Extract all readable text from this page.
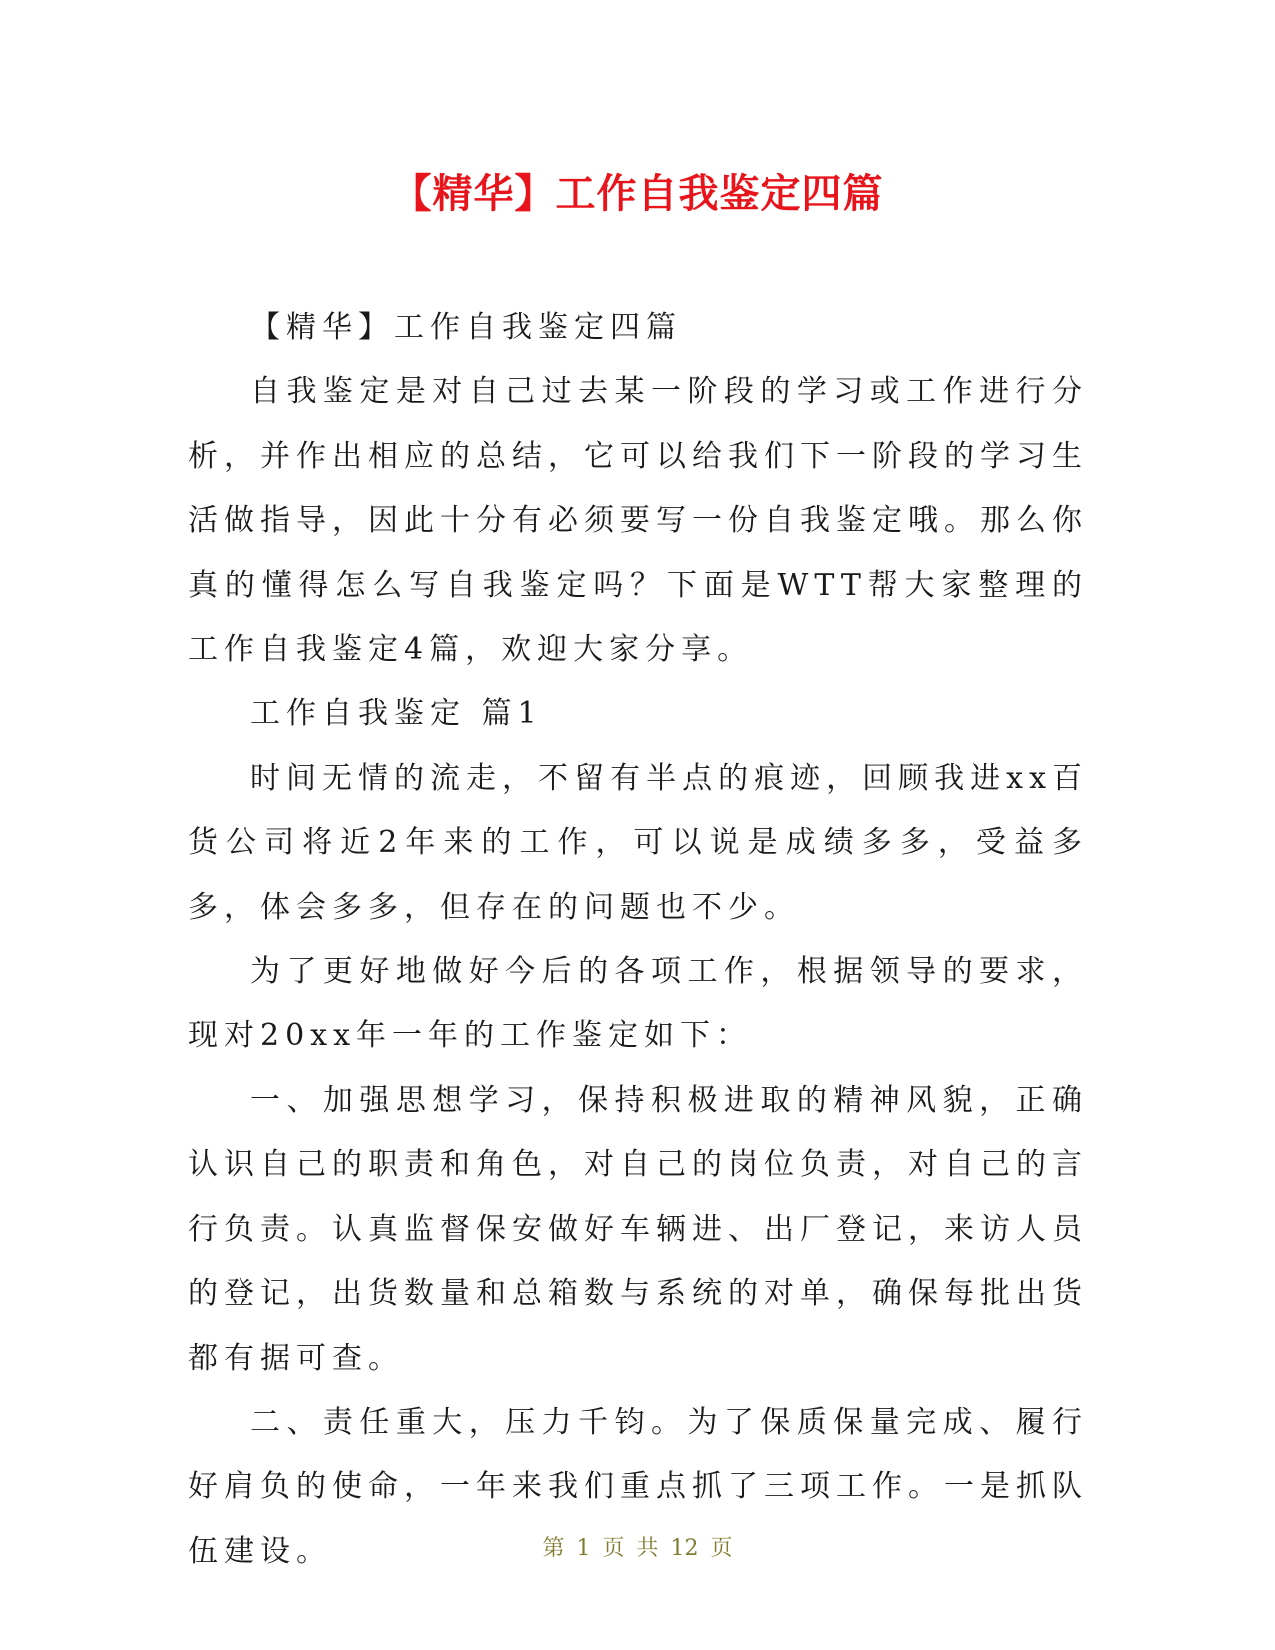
【精华】工作自我鉴定四篇

【精华】工作自我鉴定四篇

自我鉴定是对自己过去某一阶段的学习或工作进行分析，并作出相应的总结，它可以给我们下一阶段的学习生活做指导，因此十分有必须要写一份自我鉴定哦。那么你真的懂得怎么写自我鉴定吗？下面是WTT帮大家整理的工作自我鉴定4篇，欢迎大家分享。

工作自我鉴定 篇1

时间无情的流走，不留有半点的痕迹，回顾我进xx百货公司将近2年来的工作，可以说是成绩多多，受益多多，体会多多，但存在的问题也不少。

为了更好地做好今后的各项工作，根据领导的要求，现对20xx年一年的工作鉴定如下：

一、加强思想学习，保持积极进取的精神风貌，正确认识自己的职责和角色，对自己的岗位负责，对自己的言行负责。认真监督保安做好车辆进、出厂登记，来访人员的登记，出货数量和总箱数与系统的对单，确保每批出货都有据可查。

二、责任重大，压力千钧。为了保质保量完成、履行好肩负的使命，一年来我们重点抓了三项工作。一是抓队伍建设。	第 1 页 共 12 页
